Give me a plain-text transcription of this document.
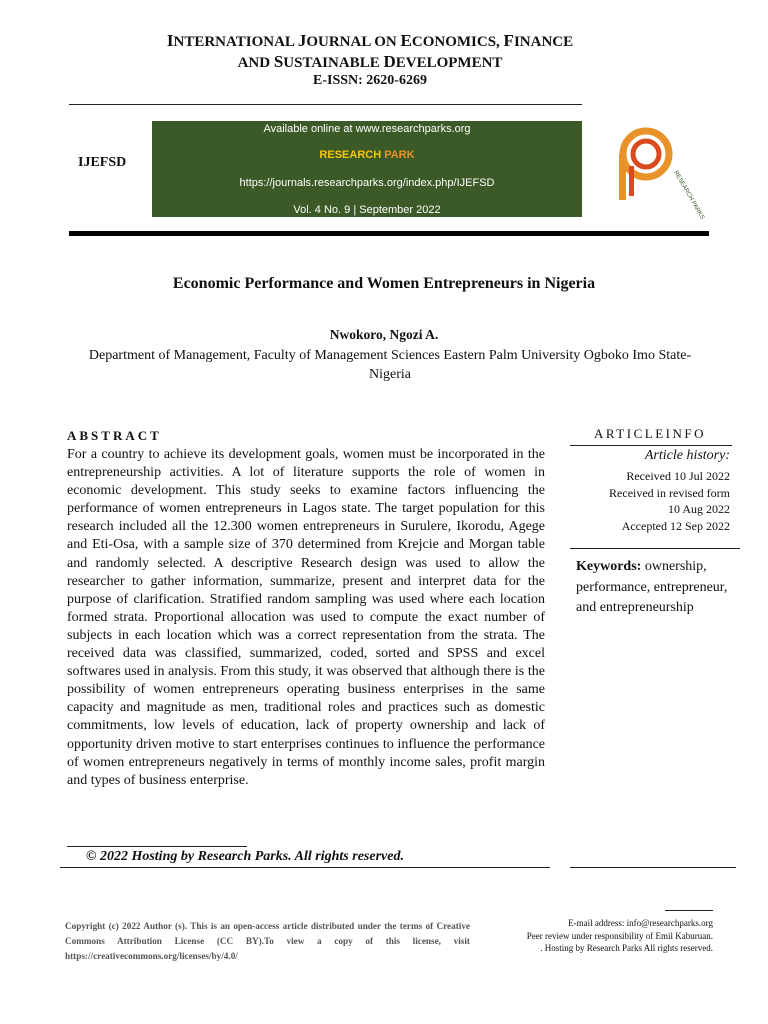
INTERNATIONAL JOURNAL ON ECONOMICS, FINANCE
AND SUSTAINABLE DEVELOPMENT
E-ISSN: 2620-6269
IJEFSD
Available online at www.researchparks.org
RESEARCH PARK
https://journals.researchparks.org/index.php/IJEFSD
Vol. 4 No. 9 | September 2022	RESEARCH PARKS
Economic Performance and Women Entrepreneurs in Nigeria
Nwokoro, Ngozi A.
Department of Management, Faculty of Management Sciences Eastern Palm University Ogboko Imo State-Nigeria
ABSTRACT
For a country to achieve its development goals, women must be incorporated in the entrepreneurship activities. A lot of literature supports the role of women in economic development. This study seeks to examine factors influencing the performance of women entrepreneurs in Lagos state. The target population for this research included all the 12.300 women entrepreneurs in Surulere, Ikorodu, Agege and Eti-Osa, with a sample size of 370 determined from Krejcie and Morgan table and randomly selected. A descriptive Research design was used to allow the researcher to gather information, summarize, present and interpret data for the purpose of clarification. Stratified random sampling was used where each location formed strata. Proportional allocation was used to compute the exact number of subjects in each location which was a correct representation from the strata. The received data was classified, summarized, coded, sorted and SPSS and excel softwares used in analysis. From this study, it was observed that although there is the possibility of women entrepreneurs operating business enterprises in the same capacity and magnitude as men, traditional roles and practices such as domestic commitments, low levels of education, lack of property ownership and lack of opportunity driven motive to start enterprises continues to influence the performance of women entrepreneurs negatively in terms of monthly income sales, profit margin and types of business enterprise.
ARTICLEINFO
Article history:
Received 10 Jul 2022
Received in revised form
10 Aug 2022
Accepted 12 Sep 2022
Keywords: ownership, performance, entrepreneur, and entrepreneurship
© 2022 Hosting by Research Parks. All rights reserved.
Copyright (c) 2022 Author (s). This is an open-access article distributed under the terms of Creative Commons Attribution License (CC BY).To view a copy of this license, visit https://creativecommons.org/licenses/by/4.0/
E-mail address: info@researchparks.org
Peer review under responsibility of Emil Kaburuan.
. Hosting by Research Parks All rights reserved.
